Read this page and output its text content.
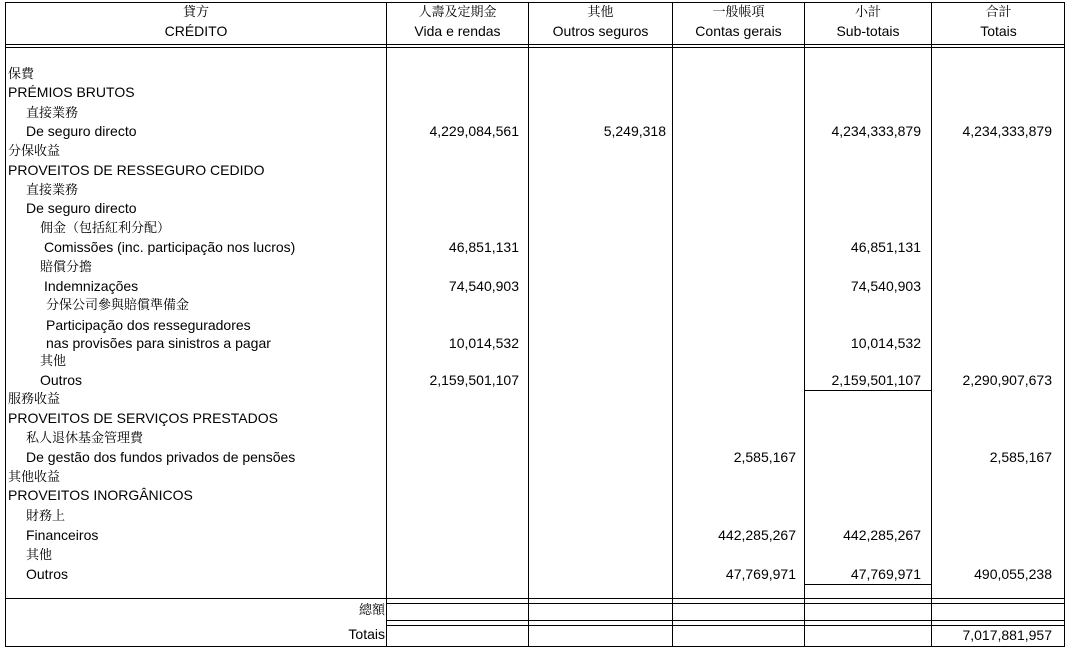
貸方
CRÉDITO
人壽及定期金
Vida e rendas
其他
Outros seguros
一般帳項
Contas gerais
小計
Sub-totais
合計
Totais
保費
PRÉMIOS BRUTOS
直接業務
De seguro directo
分保收益
PROVEITOS DE RESSEGURO CEDIDO
直接業務
De seguro directo
佣金（包括紅利分配）
Comissões (inc. participação nos lucros)
賠償分擔
Indemnizações
分保公司參與賠償準備金
Participação dos resseguradores
nas provisões para sinistros a pagar
其他
Outros
服務收益
PROVEITOS DE SERVIÇOS PRESTADOS
私人退休基金管理費
De gestão dos fundos privados de pensões
其他收益
PROVEITOS INORGÂNICOS
財務上
Financeiros
其他
Outros
4,229,084,561
46,851,131
74,540,903
10,014,532
2,159,501,107
5,249,318
2,585,167
442,285,267
47,769,971
4,234,333,879
46,851,131
74,540,903
10,014,532
2,159,501,107
442,285,267
47,769,971
4,234,333,879
2,290,907,673
2,585,167
490,055,238
總額
Totais	7,017,881,957
